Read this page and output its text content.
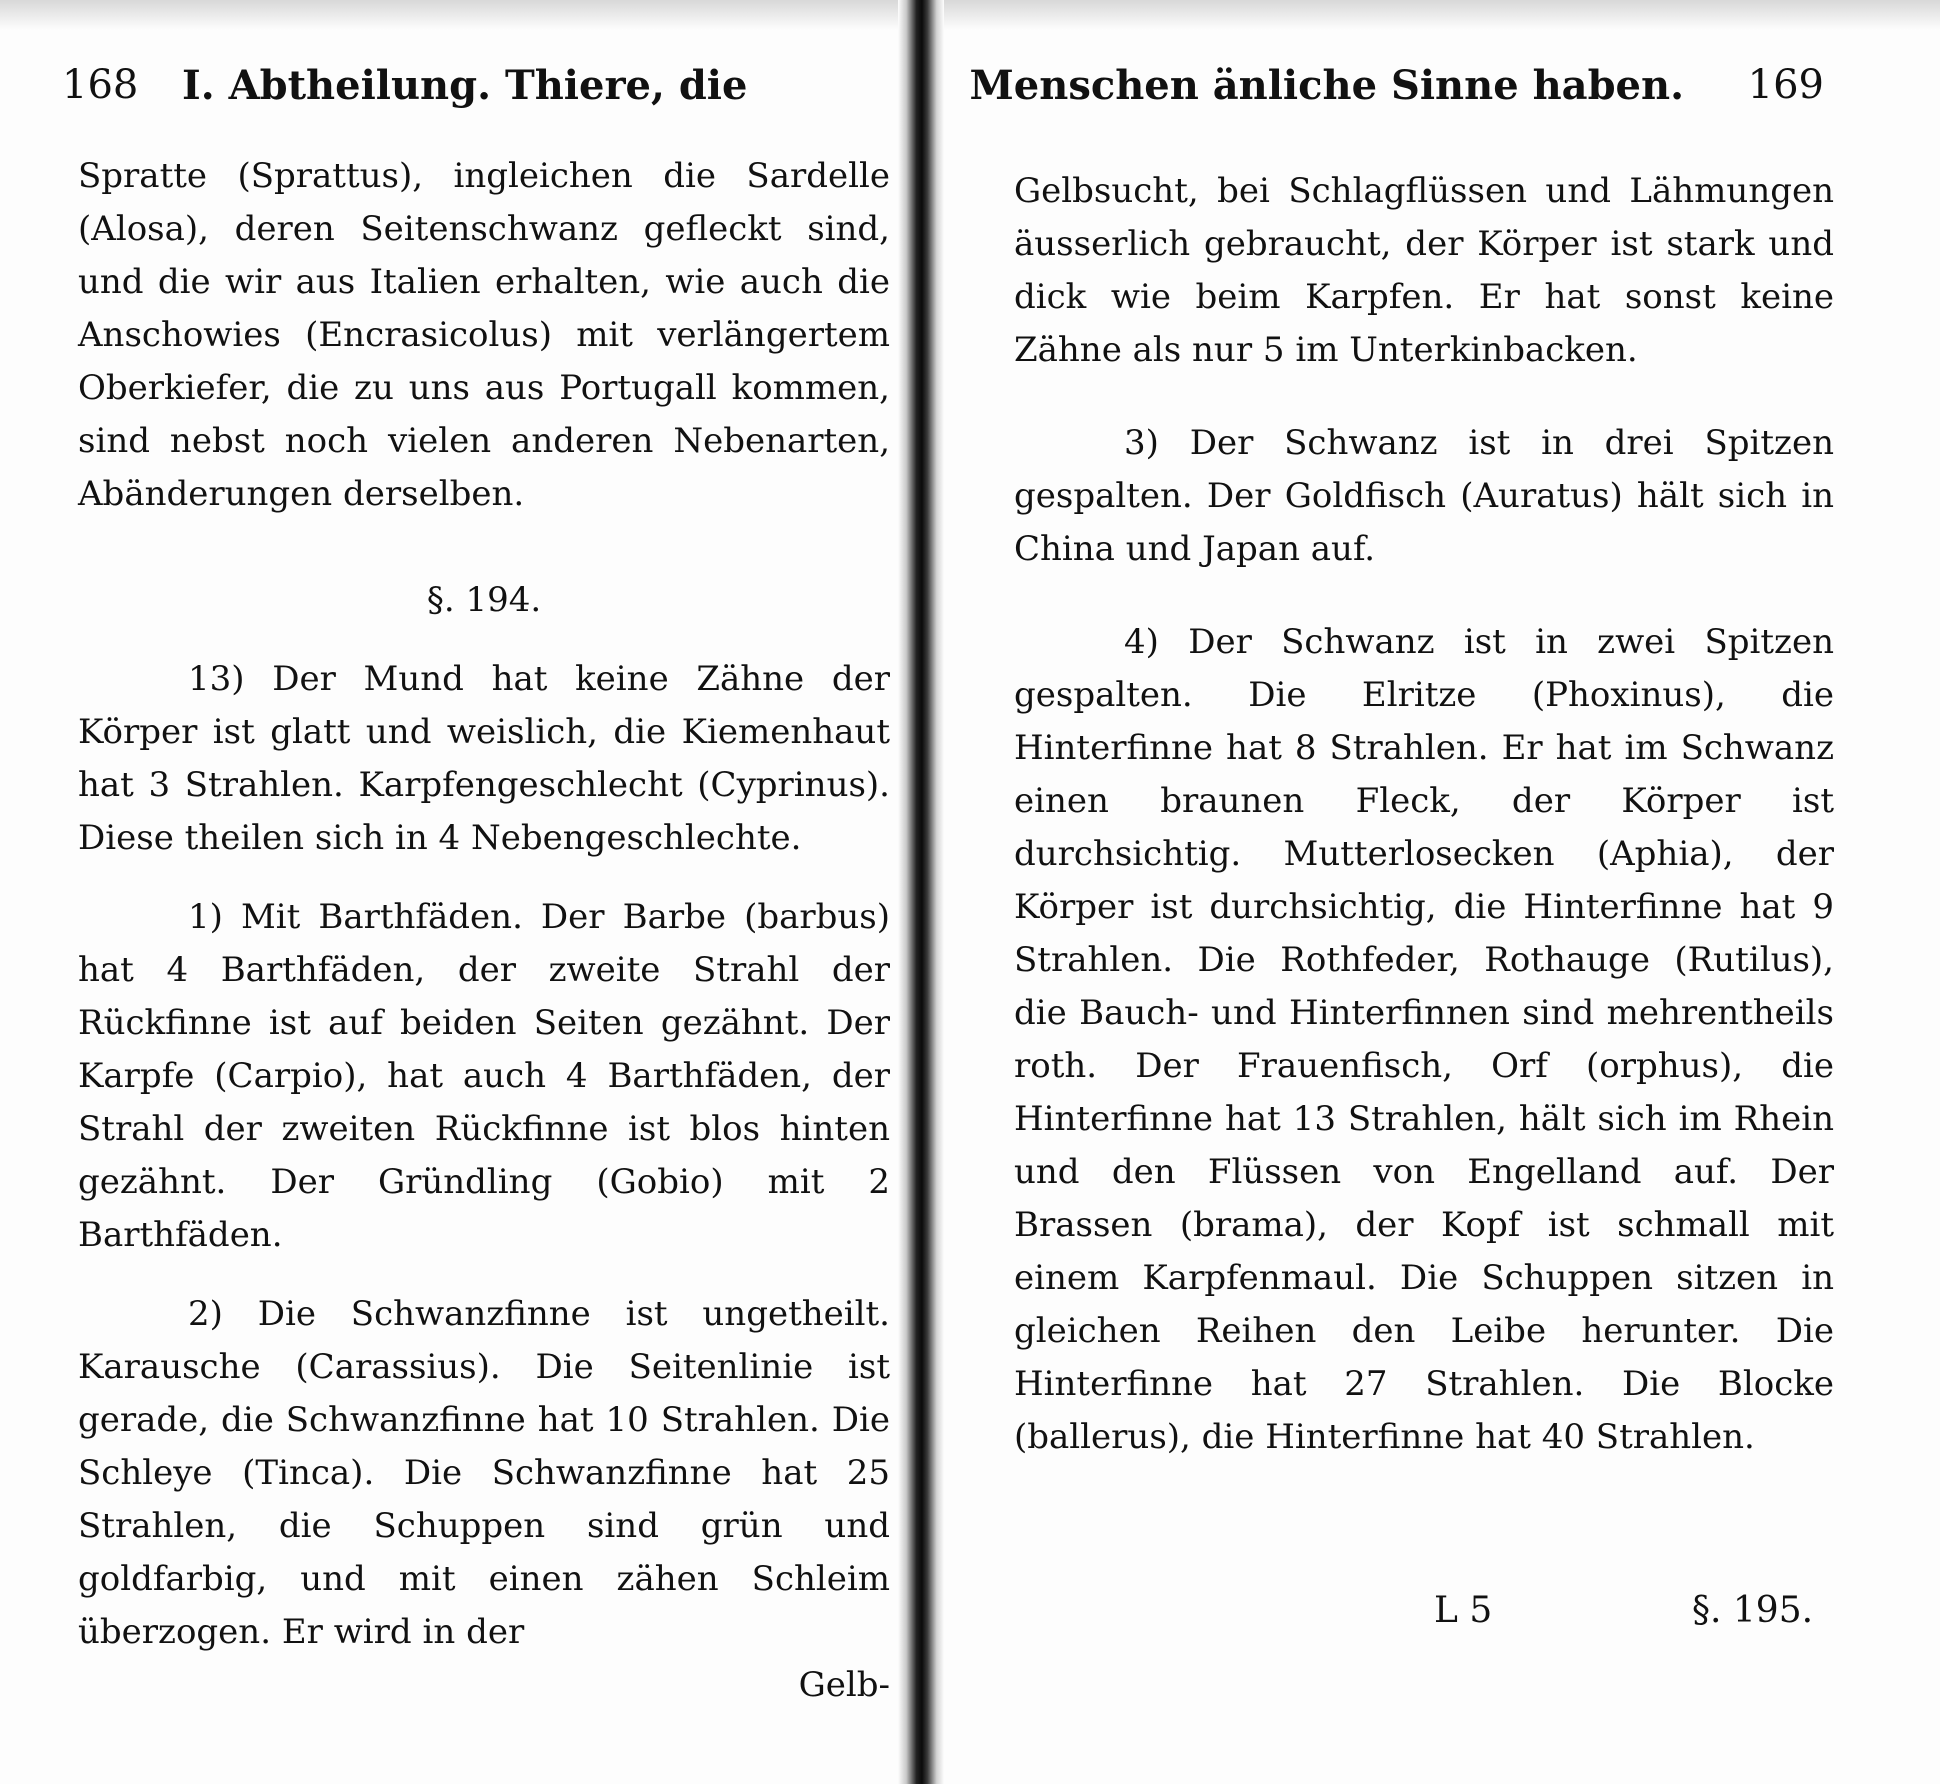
168 I. Abtheilung. Thiere, die

Spratte (Sprattus), ingleichen die Sardelle (Alosa), deren Seitenschwanz gefleckt sind, und die wir aus Italien erhalten, wie auch die Anschowies (Encrasicolus) mit verlängertem Oberkiefer, die zu uns aus Portugall kommen, sind nebst noch vielen anderen Nebenarten, Abänderungen derselben.

§. 194.

13) Der Mund hat keine Zähne der Körper ist glatt und weislich, die Kiemenhaut hat 3 Strahlen. Karpfengeschlecht (Cyprinus). Diese theilen sich in 4 Nebengeschlechte.

1) Mit Barthfäden. Der Barbe (barbus) hat 4 Barthfäden, der zweite Strahl der Rückfinne ist auf beiden Seiten gezähnt. Der Karpfe (Carpio), hat auch 4 Barthfäden, der Strahl der zweiten Rückfinne ist blos hinten gezähnt. Der Gründling (Gobio) mit 2 Barthfäden.

2) Die Schwanzfinne ist ungetheilt. Karausche (Carassius). Die Seitenlinie ist gerade, die Schwanzfinne hat 10 Strahlen. Die Schleye (Tinca). Die Schwanzfinne hat 25 Strahlen, die Schuppen sind grün und goldfarbig, und mit einen zähen Schleim überzogen. Er wird in der

Gelb-

Menschen änliche Sinne haben. 169

Gelbsucht, bei Schlagflüssen und Lähmungen äusserlich gebraucht, der Körper ist stark und dick wie beim Karpfen. Er hat sonst keine Zähne als nur 5 im Unterkinbacken.

3) Der Schwanz ist in drei Spitzen gespalten. Der Goldfisch (Auratus) hält sich in China und Japan auf.

4) Der Schwanz ist in zwei Spitzen gespalten. Die Elritze (Phoxinus), die Hinterfinne hat 8 Strahlen. Er hat im Schwanz einen braunen Fleck, der Körper ist durchsichtig. Mutterlosecken (Aphia), der Körper ist durchsichtig, die Hinterfinne hat 9 Strahlen. Die Rothfeder, Rothauge (Rutilus), die Bauch- und Hinterfinnen sind mehrentheils roth. Der Frauenfisch, Orf (orphus), die Hinterfinne hat 13 Strahlen, hält sich im Rhein und den Flüssen von Engelland auf. Der Brassen (brama), der Kopf ist schmall mit einem Karpfenmaul. Die Schuppen sitzen in gleichen Reihen den Leibe herunter. Die Hinterfinne hat 27 Strahlen. Die Blocke (ballerus), die Hinterfinne hat 40 Strahlen.

L 5	§. 195.
